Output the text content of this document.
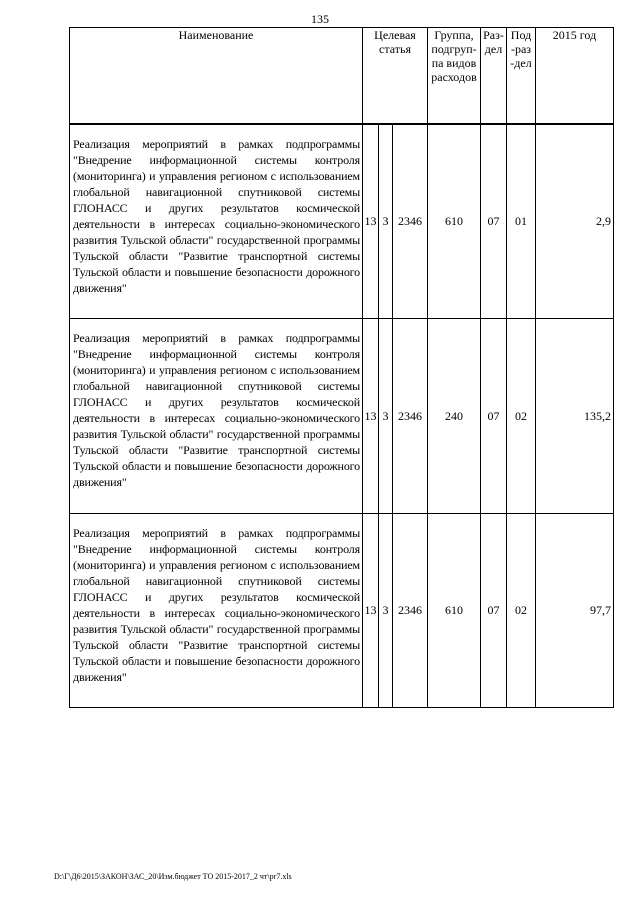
135
Наименование	Целевая статья			Группа, подгруп-па видов расходов	Раз-дел	Под-раз-дел	2015 год

Реализация мероприятий в рамках подпрограммы "Внедрение информационной системы контроля (мониторинга) и управления регионом с использованием глобальной навигационной спутниковой системы ГЛОНАСС и других результатов космической деятельности в интересах социально-экономического развития Тульской области" государственной программы Тульской области "Развитие транспортной системы Тульской области и повышение безопасности дорожного движения"	13	3	2346	610	07	01	2,9
Реализация мероприятий в рамках подпрограммы "Внедрение информационной системы контроля (мониторинга) и управления регионом с использованием глобальной навигационной спутниковой системы ГЛОНАСС и других результатов космической деятельности в интересах социально-экономического развития Тульской области" государственной программы Тульской области "Развитие транспортной системы Тульской области и повышение безопасности дорожного движения"	13	3	2346	240	07	02	135,2
Реализация мероприятий в рамках подпрограммы "Внедрение информационной системы контроля (мониторинга) и управления регионом с использованием глобальной навигационной спутниковой системы ГЛОНАСС и других результатов космической деятельности в интересах социально-экономического развития Тульской области" государственной программы Тульской области "Развитие транспортной системы Тульской области и повышение безопасности дорожного движения"	13	3	2346	610	07	02	97,7
D:\Г\Д6\2015\ЗАКОН\ЗАС_20\Изм.бюджет ТО 2015-2017_2 чт\pr7.xls
